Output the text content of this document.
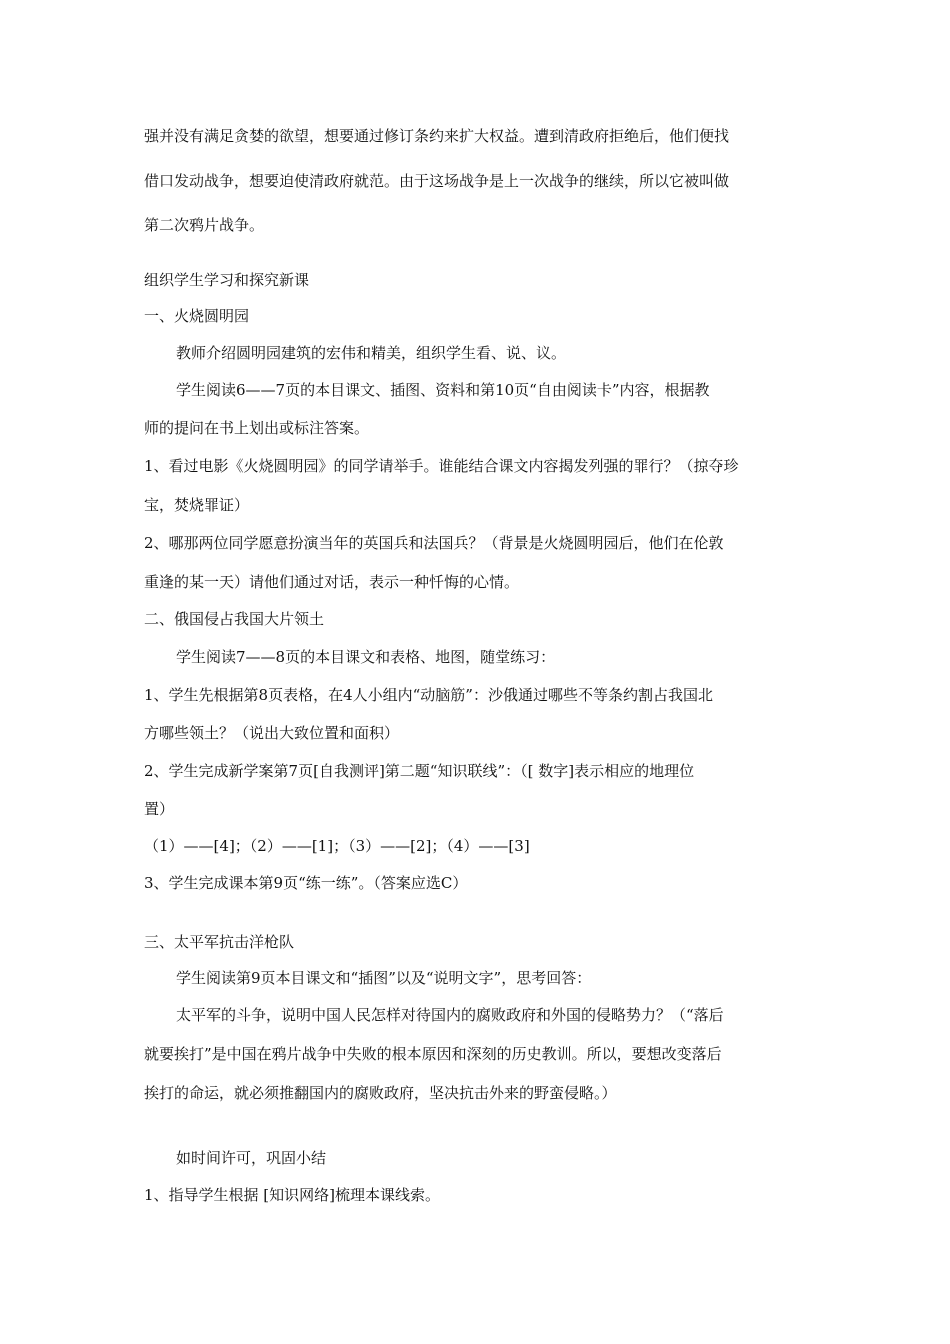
强并没有满足贪婪的欲望，想要通过修订条约来扩大权益。遭到清政府拒绝后，他们便找
借口发动战争，想要迫使清政府就范。由于这场战争是上一次战争的继续，所以它被叫做
第二次鸦片战争。
组织学生学习和探究新课
一、火烧圆明园
教师介绍圆明园建筑的宏伟和精美，组织学生看、说、议。
学生阅读6——7页的本目课文、插图、资料和第10页“自由阅读卡”内容，根据教
师的提问在书上划出或标注答案。
1、看过电影《火烧圆明园》的同学请举手。谁能结合课文内容揭发列强的罪行？（掠夺珍
宝，焚烧罪证）
2、哪那两位同学愿意扮演当年的英国兵和法国兵？（背景是火烧圆明园后，他们在伦敦
重逢的某一天）请他们通过对话，表示一种忏悔的心情。
二、俄国侵占我国大片领土
学生阅读7——8页的本目课文和表格、地图，随堂练习：
1、学生先根据第8页表格，在4人小组内“动脑筋”：沙俄通过哪些不等条约割占我国北
方哪些领土？（说出大致位置和面积）
2、学生完成新学案第7页[自我测评]第二题“知识联线”：（[ 数字]表示相应的地理位
置）
（1）——[4]；（2）——[1]；（3）——[2]；（4）——[3]
3、学生完成课本第9页“练一练”。（答案应选C）
三、太平军抗击洋枪队
学生阅读第9页本目课文和“插图”以及“说明文字”，思考回答：
太平军的斗争，说明中国人民怎样对待国内的腐败政府和外国的侵略势力？（“落后
就要挨打”是中国在鸦片战争中失败的根本原因和深刻的历史教训。所以，要想改变落后
挨打的命运，就必须推翻国内的腐败政府，坚决抗击外来的野蛮侵略。）
如时间许可，巩固小结
1、指导学生根据 [知识网络]梳理本课线索。
